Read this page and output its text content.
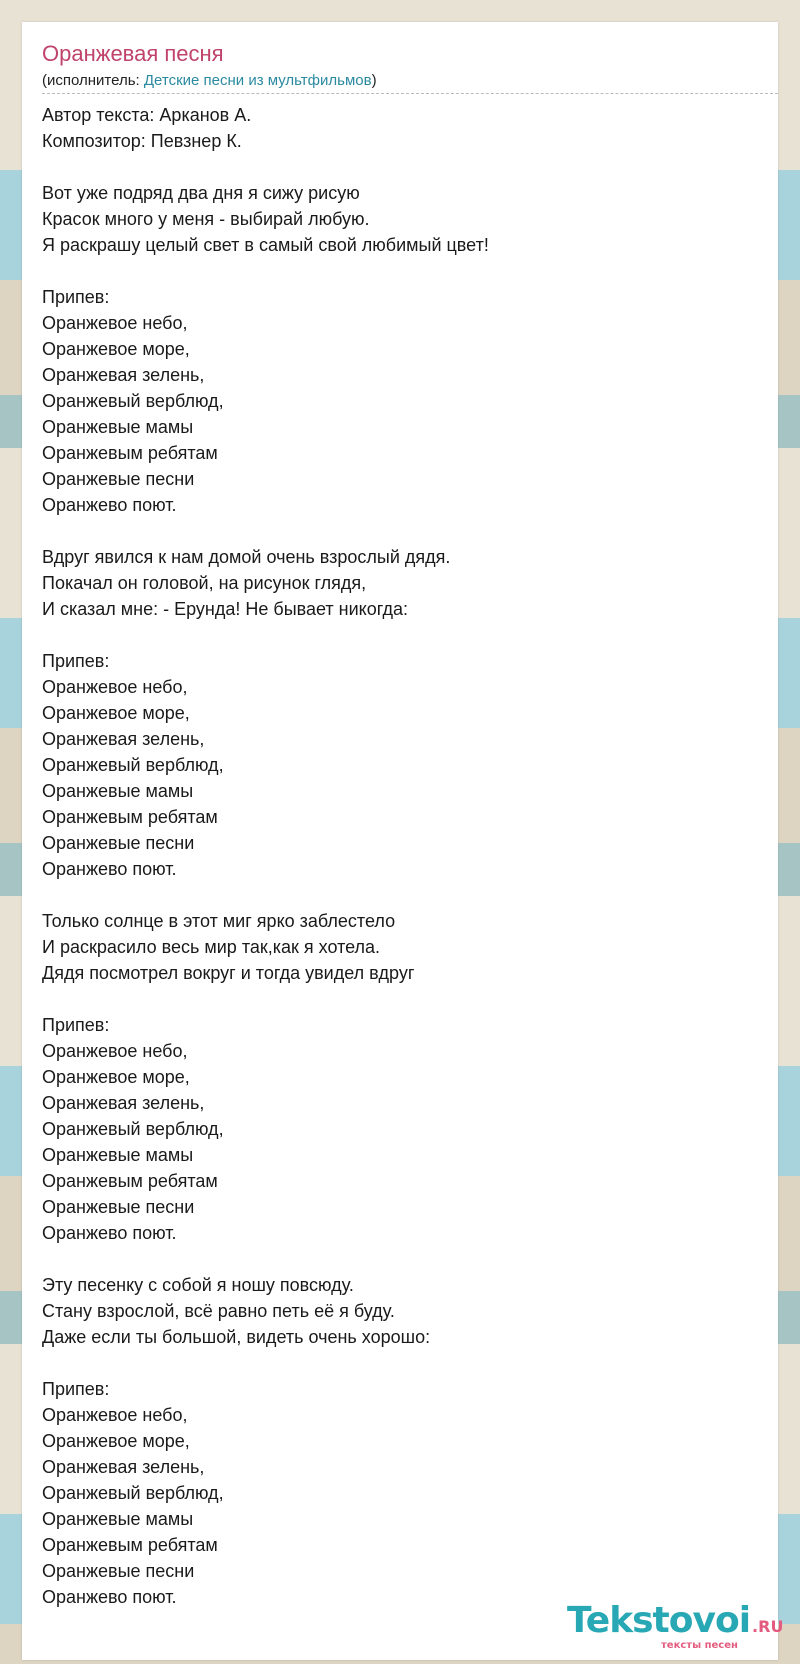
Оранжевая песня
(исполнитель: Детские песни из мультфильмов)
Автор текста: Арканов А.
Композитор: Певзнер К.

Вот уже подряд два дня я сижу рисую
Красок много у меня - выбирай любую.
Я раскрашу целый свет в самый свой любимый цвет!

Припев:
Оранжевое небо,
Оранжевое море,
Оранжевая зелень,
Оранжевый верблюд,
Оранжевые мамы
Оранжевым ребятам
Оранжевые песни
Оранжево поют.

Вдруг явился к нам домой очень взрослый дядя.
Покачал он головой, на рисунок глядя,
И сказал мне: - Ерунда! Не бывает никогда:

Припев:
Оранжевое небо,
Оранжевое море,
Оранжевая зелень,
Оранжевый верблюд,
Оранжевые мамы
Оранжевым ребятам
Оранжевые песни
Оранжево поют.

Только солнце в этот миг ярко заблестело
И раскрасило весь мир так,как я хотела.
Дядя посмотрел вокруг и тогда увидел вдруг

Припев:
Оранжевое небо,
Оранжевое море,
Оранжевая зелень,
Оранжевый верблюд,
Оранжевые мамы
Оранжевым ребятам
Оранжевые песни
Оранжево поют.

Эту песенку с собой я ношу повсюду.
Стану взрослой, всё равно петь её я буду.
Даже если ты большой, видеть очень хорошо:

Припев:
Оранжевое небо,
Оранжевое море,
Оранжевая зелень,
Оранжевый верблюд,
Оранжевые мамы
Оранжевым ребятам
Оранжевые песни
Оранжево поют.
Tekstovoi .RU
тексты песен
